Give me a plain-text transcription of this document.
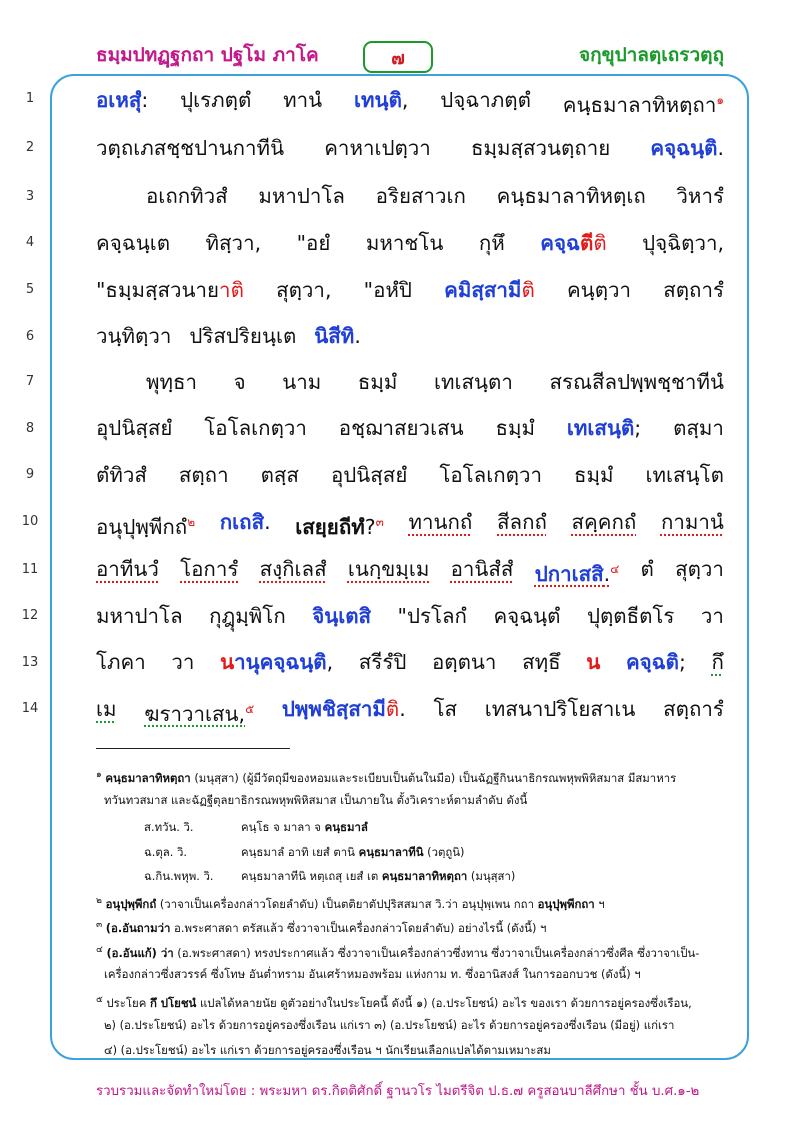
ธมฺมปทฏฺฐกถา ปฐโม ภาโค	๗	จกฺขุปาลตฺเถรวตฺถุ
1
2
3
4
5
6
7
8
9
10
11
12
13
14
อเหสุํ: ปุเรภตฺตํ ทานํ เทนฺติ, ปจฺฉาภตฺตํ คนฺธมาลาทิหตฺถา$^๑$
วตฺถเภสชฺชปานกาทีนิ คาหาเปตฺวา ธมฺมสฺสวนตฺถาย คจฺฉนฺติ.
อเถกทิวสํ มหาปาโล อริยสาวเก คนฺธมาลาทิหตฺเถ วิหารํ
คจฺฉนฺเต ทิสฺวา, "อยํ มหาชโน กุหึ คจฺฉตีติ ปุจฺฉิตฺวา,
"ธมฺมสฺสวนายาติ สุตฺวา, "อหํปิ คมิสฺสามีติ คนฺตฺวา สตฺถารํ
วนฺทิตฺวา ปริสปริยนฺเต นิสีทิ.
พุทฺธา จ นาม ธมฺมํ เทเสนฺตา สรณสีลปพฺพชฺชาทีนํ
อุปนิสฺสยํ โอโลเกตฺวา อชฺฌาสยวเสน ธมฺมํ เทเสนฺติ; ตสฺมา
ตํทิวสํ สตฺถา ตสฺส อุปนิสฺสยํ โอโลเกตฺวา ธมฺมํ เทเสนฺโต
อนุปุพฺพีกถํ$^๒$ กเถสิ. เสยฺยถีทํ?$^๓$ ทานกถํ สีลกถํ สคฺคกถํ กามานํ
อาทีนวํ โอการํ สงฺกิเลสํ เนกฺขมฺเม อานิสํสํ ปกาเสสิ.$^๔$ ตํ สุตฺวา
มหาปาโล กุฎุมฺพิโก จินฺเตสิ "ปรโลกํ คจฺฉนฺตํ ปุตฺตธีตโร วา
โภคา วา นานุคจฺฉนฺติ, สรีรํปิ อตฺตนา สทฺธึ น คจฺฉติ; กึ
เม ฆราวาเสน,$^๕$ ปพฺพชิสฺสามีติ. โส เทสนาปริโยสาเน สตฺถารํ
$^๑$ คนฺธมาลาทิหตฺถา (มนุสฺสา) (ผู้มีวัตถุมีของหอมและระเบียบเป็นต้นในมือ) เป็นฉัฏฐีกินนาธิกรณพหุพพิหิสมาส มีสมาหาร
ทวันทวสมาส และฉัฏฐีตุลยาธิกรณพหุพพิหิสมาส เป็นภายใน ตั้งวิเคราะห์ตามลำดับ ดังนี้
ส.ทวัน. วิ.	คนฺโธ จ มาลา จ คนฺธมาลํ
ฉ.ตุล. วิ.	คนฺธมาลํ อาทิ เยสํ ตานิ คนฺธมาลาทีนิ (วตฺถูนิ)
ฉ.กิน.พหุพ. วิ. คนฺธมาลาทีนิ หตฺเถสุ เยสํ เต คนฺธมาลาทิหตฺถา (มนุสฺสา)
$^๒$ อนุปุพฺพีกถํ (วาจาเป็นเครื่องกล่าวโดยลำดับ) เป็นตติยาตัปปุริสสมาส วิ.ว่า อนุปุพฺเพน กถา อนุปุพฺพีกถา ฯ
$^๓$ (อ.อันถามว่า อ.พระศาสดา ตรัสแล้ว ซึ่งวาจาเป็นเครื่องกล่าวโดยลำดับ) อย่างไรนี้ (ดังนี้) ฯ
$^๔$ (อ.อันแก้) ว่า (อ.พระศาสดา) ทรงประกาศแล้ว ซึ่งวาจาเป็นเครื่องกล่าวซึ่งทาน ซึ่งวาจาเป็นเครื่องกล่าวซึ่งศีล ซึ่งวาจาเป็น-
เครื่องกล่าวซึ่งสวรรค์ ซึ่งโทษ อันต่ำทราม อันเศร้าหมองพร้อม แห่งกาม ท. ซึ่งอานิสงส์ ในการออกบวช (ดังนี้) ฯ
$^๕$ ประโยค กึ ปโยชนํ แปลได้หลายนัย ดูตัวอย่างในประโยคนี้ ดังนี้ ๑) (อ.ประโยชน์) อะไร ของเรา ด้วยการอยู่ครองซึ่งเรือน,
๒) (อ.ประโยชน์) อะไร ด้วยการอยู่ครองซึ่งเรือน แก่เรา ๓) (อ.ประโยชน์) อะไร ด้วยการอยู่ครองซึ่งเรือน (มีอยู่) แก่เรา
๔) (อ.ประโยชน์) อะไร แก่เรา ด้วยการอยู่ครองซึ่งเรือน ฯ นักเรียนเลือกแปลได้ตามเหมาะสม
รวบรวมและจัดทำใหม่โดย : พระมหา ดร.กิตติศักดิ์ ฐานวโร ไมตรีจิต ป.ธ.๗ ครูสอนบาลีศึกษา ชั้น บ.ศ.๑-๒
